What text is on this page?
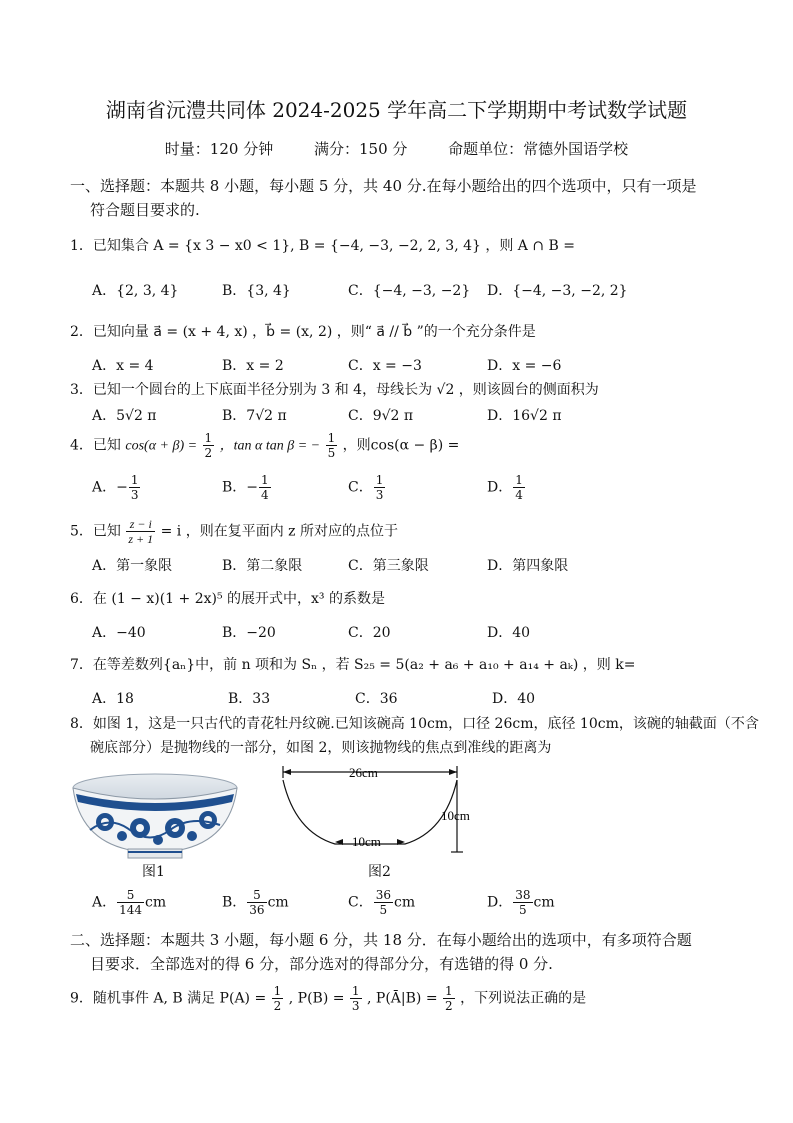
湖南省沅澧共同体 2024-2025 学年高二下学期期中考试数学试题
时量：120 分钟	满分：150 分	命题单位：常德外国语学校
一、选择题：本题共 8 小题，每小题 5 分，共 40 分.在每小题给出的四个选项中，只有一项是
符合题目要求的.
1．已知集合 A = {x 3 − x0 < 1}, B = {−4, −3, −2, 2, 3, 4} ，则 A ∩ B =
A．{2, 3, 4}	B．{3, 4}	C．{−4, −3, −2} D．{−4, −3, −2, 2}
2．已知向量 a⃗ = (x + 4, x) ，b⃗ = (x, 2) ，则“ a⃗ // b⃗ ”的一个充分条件是
A．x = 4	B．x = 2	C．x = −3	D．x = −6
3．已知一个圆台的上下底面半径分别为 3 和 4，母线长为 √2 ，则该圆台的侧面积为
A．5√2 π	B．7√2 π	C．9√2 π	D．16√2 π
4．已知 $\cos(\alpha + \beta) = \frac{1}{2}$ ，tan α tan β = − $\frac{1}{5}$ ，则cos(α − β) =
A．− $\frac{1}{3}$	B．− $\frac{1}{4}$	C． $\frac{1}{3}$	D． $\frac{1}{4}$
5．已知 $\frac{z - i}{z + 1} = i$ ，则在复平面内 z 所对应的点位于
A．第一象限	B．第二象限	C．第三象限	D．第四象限
6．在 (1 − x)(1 + 2x)⁵ 的展开式中，x³ 的系数是
A．−40	B．−20	C．20	D．40
7．在等差数列{aₙ}中，前 n 项和为 Sₙ ，若 S₂₅ = 5(a₂ + a₆ + a₁₀ + a₁₄ + aₖ) ，则 k=
A．18	B．33	C．36	D．40
8．如图 1，这是一只古代的青花牡丹纹碗.已知该碗高 10cm，口径 26cm，底径 10cm，该碗的轴截面（不含
碗底部分）是抛物线的一部分，如图 2，则该抛物线的焦点到准线的距离为
图1
26cm
10cm
10cm
图2
A． $\frac{5}{144}$ cm	B． $\frac{5}{36}$ cm	C． $\frac{36}{5}$ cm	D． $\frac{38}{5}$ cm
二、选择题：本题共 3 小题，每小题 6 分，共 18 分．在每小题给出的选项中，有多项符合题
目要求．全部选对的得 6 分，部分选对的得部分分，有选错的得 0 分.
9．随机事件 A, B 满足 $P(A) = \frac{1}{2}$ , $P(B) = \frac{1}{3}$ , P(Ā|B) = $\frac{1}{2}$ ，下列说法正确的是
